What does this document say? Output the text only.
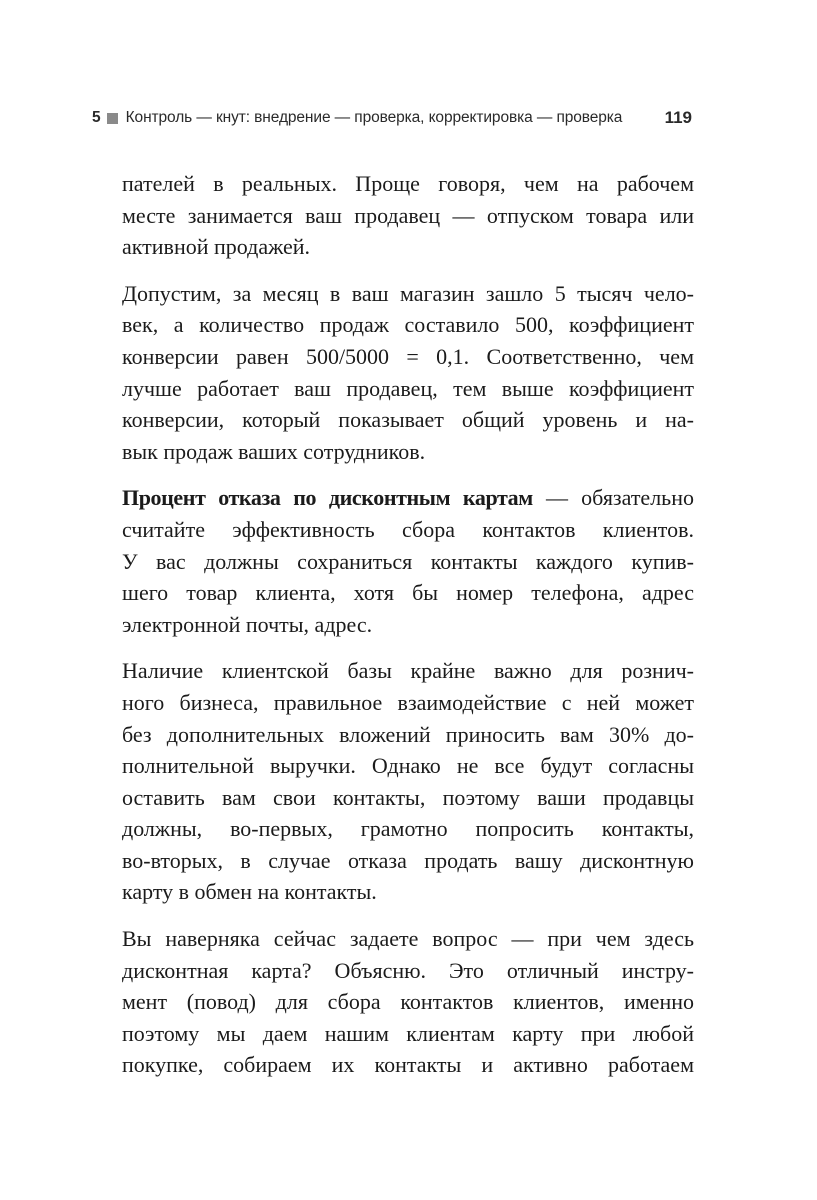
5 Контроль — кнут: внедрение — проверка, корректировка — проверка	119

пателей в реальных. Проще говоря, чем на рабочем
месте занимается ваш продавец — отпуском товара или
активной продажей.

Допустим, за месяц в ваш магазин зашло 5 тысяч чело-
век, а количество продаж составило 500, коэффициент
конверсии равен 500/5000 = 0,1. Соответственно, чем
лучше работает ваш продавец, тем выше коэффициент
конверсии, который показывает общий уровень и на-
вык продаж ваших сотрудников.

Процент отказа по дисконтным картам — обязательно
считайте эффективность сбора контактов клиентов.
У вас должны сохраниться контакты каждого купив-
шего товар клиента, хотя бы номер телефона, адрес
электронной почты, адрес.

Наличие клиентской базы крайне важно для рознич-
ного бизнеса, правильное взаимодействие с ней может
без дополнительных вложений приносить вам 30% до-
полнительной выручки. Однако не все будут согласны
оставить вам свои контакты, поэтому ваши продавцы
должны, во-первых, грамотно попросить контакты,
во-вторых, в случае отказа продать вашу дисконтную
карту в обмен на контакты.

Вы наверняка сейчас задаете вопрос — при чем здесь
дисконтная карта? Объясню. Это отличный инстру-
мент (повод) для сбора контактов клиентов, именно
поэтому мы даем нашим клиентам карту при любой
покупке, собираем их контакты и активно работаем
